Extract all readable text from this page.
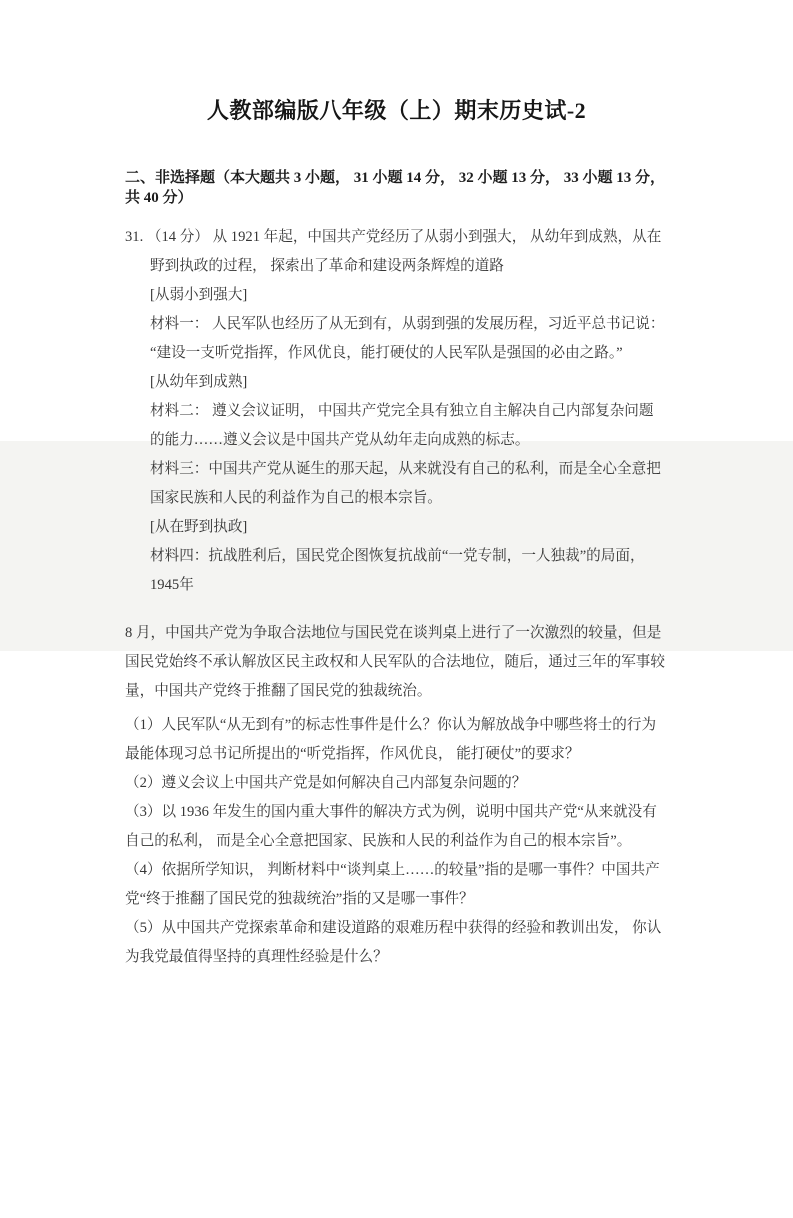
人教部编版八年级（上）期末历史试-2
二、非选择题（本大题共 3 小题， 31 小题 14 分， 32 小题 13 分， 33 小题 13 分，共 40 分）

31. （14 分） 从 1921 年起，中国共产党经历了从弱小到强大， 从幼年到成熟，从在野到执政的过程， 探索出了革命和建设两条辉煌的道路

[从弱小到强大]

材料一： 人民军队也经历了从无到有，从弱到强的发展历程，习近平总书记说： “建设一支听党指挥，作风优良，能打硬仗的人民军队是强国的必由之路。”

[从幼年到成熟]

材料二： 遵义会议证明， 中国共产党完全具有独立自主解决自己内部复杂问题的能力……遵义会议是中国共产党从幼年走向成熟的标志。

材料三：中国共产党从诞生的那天起，从来就没有自己的私利，而是全心全意把国家民族和人民的利益作为自己的根本宗旨。

[从在野到执政]

材料四：抗战胜利后，国民党企图恢复抗战前“一党专制，一人独裁”的局面， 1945年

8 月，中国共产党为争取合法地位与国民党在谈判桌上进行了一次激烈的较量，但是国民党始终不承认解放区民主政权和人民军队的合法地位，随后，通过三年的军事较量，中国共产党终于推翻了国民党的独裁统治。

（1）人民军队“从无到有”的标志性事件是什么？你认为解放战争中哪些将士的行为最能体现习总书记所提出的“听党指挥，作风优良， 能打硬仗”的要求？

（2）遵义会议上中国共产党是如何解决自己内部复杂问题的？

（3）以 1936 年发生的国内重大事件的解决方式为例，说明中国共产党“从来就没有自己的私利， 而是全心全意把国家、民族和人民的利益作为自己的根本宗旨”。

（4）依据所学知识， 判断材料中“谈判桌上……的较量”指的是哪一事件？中国共产党“终于推翻了国民党的独裁统治”指的又是哪一事件？

（5）从中国共产党探索革命和建设道路的艰难历程中获得的经验和教训出发， 你认为我党最值得坚持的真理性经验是什么？
